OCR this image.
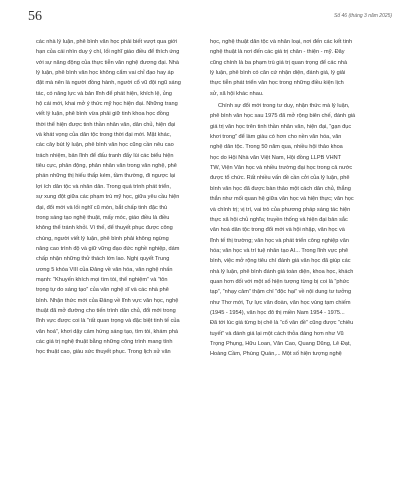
56	Số 46 (tháng 3 năm 2025)
các nhà lý luận, phê bình văn học phải biết vượt qua giới
hạn của cái nhìn duy ý chí, lối nghĩ giáo điều để thích ứng
với sự năng động của thực tiễn văn nghệ đương đại. Nhà
lý luận, phê bình văn học không cẩm vai chỉ đạo hay áp
đặt mà nên là người đồng hành, người cổ vũ đội ngũ sáng
tác, có năng lực và bản lĩnh để phát hiện, khích lệ, ủng
hộ cái mới, khai mở ý thức mỹ học hiện đại. Những trang
viết lý luận, phê bình vừa phải giữ tinh khoa học đồng
thời thể hiện được tinh thần nhân văn, dân chủ, hiện đại
và khát vọng của dân tộc trong thời đại mới. Mặt khác,
các cây bút lý luận, phê bình văn học cũng cần nêu cao
trách nhiệm, bản lĩnh để đấu tranh đẩy lùi các biểu hiện
tiêu cực, phản động, phản nhân văn trong văn nghệ, phê
phán những thị hiếu thấp kém, tầm thường, đi ngược lại
lợi ích dân tộc và nhân dân. Trong quá trình phát triển,
sự xung đột giữa các phạm trù mỹ học, giữa yêu cầu hiện
đại, đổi mới và lối nghĩ cũ mòn, bắt chấp tinh đặc thù
trong sáng tạo nghệ thuật, mấy móc, giáo điều là điều
không thể tránh khỏi. Vì thế, để thuyết phục được công
chúng, người viết lý luận, phê bình phải không ngừng
nâng cao trình độ và giữ vững đạo đức nghề nghiệp, dám
chấp nhận những thử thách lớn lao. Nghị quyết Trung
ương 5 khóa VIII của Đảng về văn hóa, văn nghệ nhấn
mạnh: “Khuyến khích mọi tìm tòi, thể nghiệm” và “tôn
trọng tự do sáng tạo” của văn nghệ sĩ và các nhà phê
bình. Nhận thức mới của Đảng về lĩnh vực văn học, nghệ
thuật đã mở đường cho tiến trình dân chủ, đổi mới trong
lĩnh vực được coi là “rất quan trọng và đặc biệt tinh tế của
văn hoá”, khơi dậy cảm hứng sáng tạo, tìm tòi, khám phá
các giá trị nghệ thuật bằng những công trình mang tính
học thuật cao, giàu sức thuyết phục. Trong lịch sử văn
học, nghệ thuật dân tộc và nhân loại, nơi đến các kết tinh
nghệ thuật là nơi đến các giá trị chân - thiện - mỹ. Đây
cũng chính là ba phạm trù giá trị quan trọng để các nhà
lý luận, phê bình có căn cứ nhận diện, đánh giá, lý giải
thực tiễn phát triển văn học trong những điều kiện lịch
sử, xã hội khác nhau.
Chính sự đổi mới trong tư duy, nhận thức mà lý luận,
phê bình văn học sau 1975 đã mở rộng biên chế, đánh giá
giá trị văn học trên tinh thần nhân văn, hiện đại, “gạn đục
khơi trong” để làm giàu có hơn cho nền văn hóa, văn
nghệ dân tộc. Trong 50 năm qua, nhiều hội thảo khoa
học do Hội Nhà văn Việt Nam, Hội đồng LLPB VHNT
TW, Viện Văn học và nhiều trường đại học trong cả nước
được tổ chức. Rất nhiều vấn đề cần cởi của lý luận, phê
bình văn học đã được bàn thảo một cách dân chủ, thẳng
thắn như mối quan hệ giữa văn học và hiện thực; văn học
và chính trị; vị trí, vai trò của phương pháp sáng tác hiện
thực xã hội chủ nghĩa; truyền thống và hiện đại bản sắc
văn hoá dân tộc trong đổi mới và hội nhập, văn học và
lĩnh tế thị trường; văn học và phát triển công nghiệp văn
hóa; văn học và trí tuệ nhân tạo AI... Trong lĩnh vực phê
bình, việc mở rộng tiêu chí đánh giá văn học đã giúp các
nhà lý luận, phê bình đánh giá toàn diện, khoa học, khách
quan hơn đối với một số hiện tượng từng bị coi là “phức
tạp”, “nhạy cảm” thậm chí “độc hại” về nội dung tư tưởng
như Thơ mới, Tự lực văn đoàn, văn học vùng tạm chiếm
(1945 - 1954), văn học đô thị miền Nam 1954 - 1975...
Đã tới lúc giá từng bị chê là “cổ vân đề” cũng được “chiêu
tuyết” và đánh giá lại một cách thỏa đáng hơn như Vũ
Trọng Phụng, Hữu Loan, Văn Cao, Quang Dũng, Lê Đạt,
Hoàng Cầm, Phùng Quán,... Một số hiện tượng nghệ
